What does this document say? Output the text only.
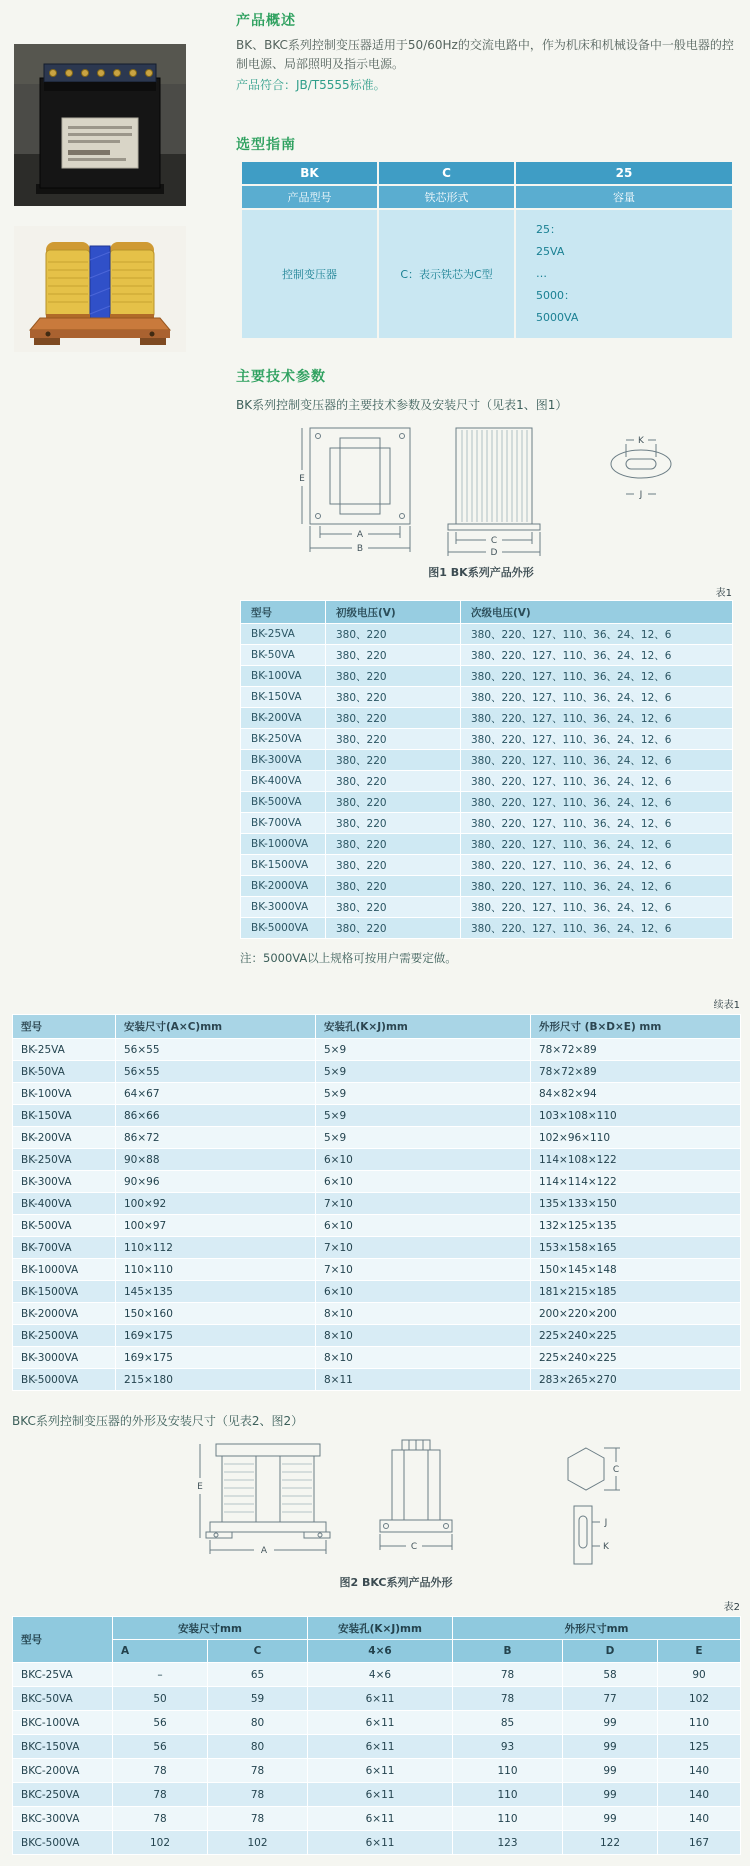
产品概述
BK、BKC系列控制变压器适用于50/60Hz的交流电路中，作为机床和机械设备中一般电器的控制电源、局部照明及指示电源。
产品符合：JB/T5555标准。
选型指南
BK	C	25
产品型号	铁芯形式	容量
控制变压器	C：表示铁芯为C型	25：
25VA
…
5000：
5000VA
主要技术参数
BK系列控制变压器的主要技术参数及安装尺寸（见表1、图1）
E
A
B
C
D
K
J
图1 BK系列产品外形
表1
型号	初级电压(V)	次级电压(V)
BK-25VA	380、220	380、220、127、110、36、24、12、6
BK-50VA	380、220	380、220、127、110、36、24、12、6
BK-100VA	380、220	380、220、127、110、36、24、12、6
BK-150VA	380、220	380、220、127、110、36、24、12、6
BK-200VA	380、220	380、220、127、110、36、24、12、6
BK-250VA	380、220	380、220、127、110、36、24、12、6
BK-300VA	380、220	380、220、127、110、36、24、12、6
BK-400VA	380、220	380、220、127、110、36、24、12、6
BK-500VA	380、220	380、220、127、110、36、24、12、6
BK-700VA	380、220	380、220、127、110、36、24、12、6
BK-1000VA	380、220	380、220、127、110、36、24、12、6
BK-1500VA	380、220	380、220、127、110、36、24、12、6
BK-2000VA	380、220	380、220、127、110、36、24、12、6
BK-3000VA	380、220	380、220、127、110、36、24、12、6
BK-5000VA	380、220	380、220、127、110、36、24、12、6
注：5000VA以上规格可按用户需要定做。
续表1
型号	安装尺寸(A×C)mm	安装孔(K×J)mm	外形尺寸 (B×D×E) mm
BK-25VA	56×55	5×9	78×72×89
BK-50VA	56×55	5×9	78×72×89
BK-100VA	64×67	5×9	84×82×94
BK-150VA	86×66	5×9	103×108×110
BK-200VA	86×72	5×9	102×96×110
BK-250VA	90×88	6×10	114×108×122
BK-300VA	90×96	6×10	114×114×122
BK-400VA	100×92	7×10	135×133×150
BK-500VA	100×97	6×10	132×125×135
BK-700VA	110×112	7×10	153×158×165
BK-1000VA	110×110	7×10	150×145×148
BK-1500VA	145×135	6×10	181×215×185
BK-2000VA	150×160	8×10	200×220×200
BK-2500VA	169×175	8×10	225×240×225
BK-3000VA	169×175	8×10	225×240×225
BK-5000VA	215×180	8×11	283×265×270
BKC系列控制变压器的外形及安装尺寸（见表2、图2）
E
A	C
C
J
K
图2 BKC系列产品外形
表2
型号	安装尺寸mm		安装孔(K×J)mm	外形尺寸mm		
	A	C	4×6	B	D	E
BKC-25VA	–	65	4×6	78	58	90
BKC-50VA	50	59	6×11	78	77	102
BKC-100VA	56	80	6×11	85	99	110
BKC-150VA	56	80	6×11	93	99	125
BKC-200VA	78	78	6×11	110	99	140
BKC-250VA	78	78	6×11	110	99	140
BKC-300VA	78	78	6×11	110	99	140
BKC-500VA	102	102	6×11	123	122	167
